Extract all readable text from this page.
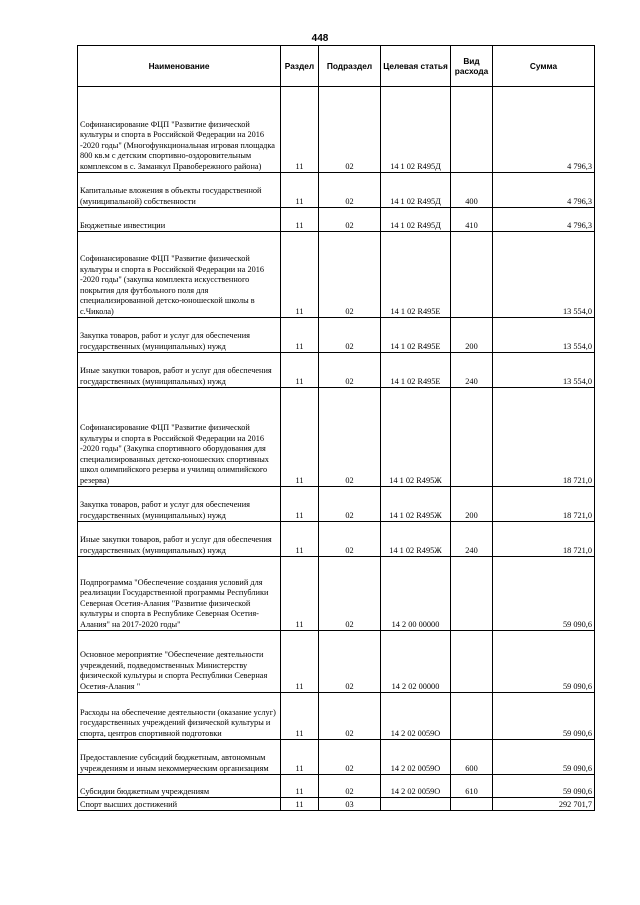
448
Наименование	Раздел	Подраздел	Целевая статья	Вид расхода	Сумма
Софинансирование ФЦП "Развитие физической культуры и спорта в Российской Федерации на 2016 -2020 годы" (Многофункциональная игровая площадка 800 кв.м с детским спортивно-оздоровительным комплексом в с. Заманкул Правобережного района)	11	02	14 1 02 R495Д		4 796,3
Капитальные вложения в объекты государственной (муниципальной) собственности	11	02	14 1 02 R495Д	400	4 796,3
Бюджетные инвестиции	11	02	14 1 02 R495Д	410	4 796,3
Софинансирование ФЦП "Развитие физической культуры и спорта в Российской Федерации на 2016 -2020 годы" (закупка комплекта искусственного покрытия для футбольного поля для специализированной детско-юношеской школы в с.Чикола)	11	02	14 1 02 R495Е		13 554,0
Закупка товаров, работ и услуг для обеспечения государственных (муниципальных) нужд	11	02	14 1 02 R495Е	200	13 554,0
Иные закупки товаров, работ и услуг для обеспечения государственных (муниципальных) нужд	11	02	14 1 02 R495Е	240	13 554,0
Софинансирование ФЦП "Развитие физической культуры и спорта в Российской Федерации на 2016 -2020 годы" (Закупка спортивного оборудования для специализированных детско-юношеских спортивных школ олимпийского резерва и училищ олимпийского резерва)	11	02	14 1 02 R495Ж		18 721,0
Закупка товаров, работ и услуг для обеспечения государственных (муниципальных) нужд	11	02	14 1 02 R495Ж	200	18 721,0
Иные закупки товаров, работ и услуг для обеспечения государственных (муниципальных) нужд	11	02	14 1 02 R495Ж	240	18 721,0
Подпрограмма "Обеспечение создания условий для реализации Государственной программы Республики Северная Осетия-Алания "Развитие физической культуры и спорта в Республике Северная Осетия-Алания" на 2017-2020 годы"	11	02	14 2 00 00000		59 090,6
Основное мероприятие "Обеспечение деятельности учреждений, подведомственных Министерству физической культуры и спорта Республики Северная Осетия-Алания "	11	02	14 2 02 00000		59 090,6
Расходы на обеспечение деятельности (оказание услуг) государственных учреждений физической культуры и спорта, центров спортивной подготовки	11	02	14 2 02 0059О		59 090,6
Предоставление субсидий бюджетным, автономным учреждениям и иным некоммерческим организациям	11	02	14 2 02 0059О	600	59 090,6
Субсидии бюджетным учреждениям	11	02	14 2 02 0059О	610	59 090,6
Спорт высших достижений	11	03			292 701,7
